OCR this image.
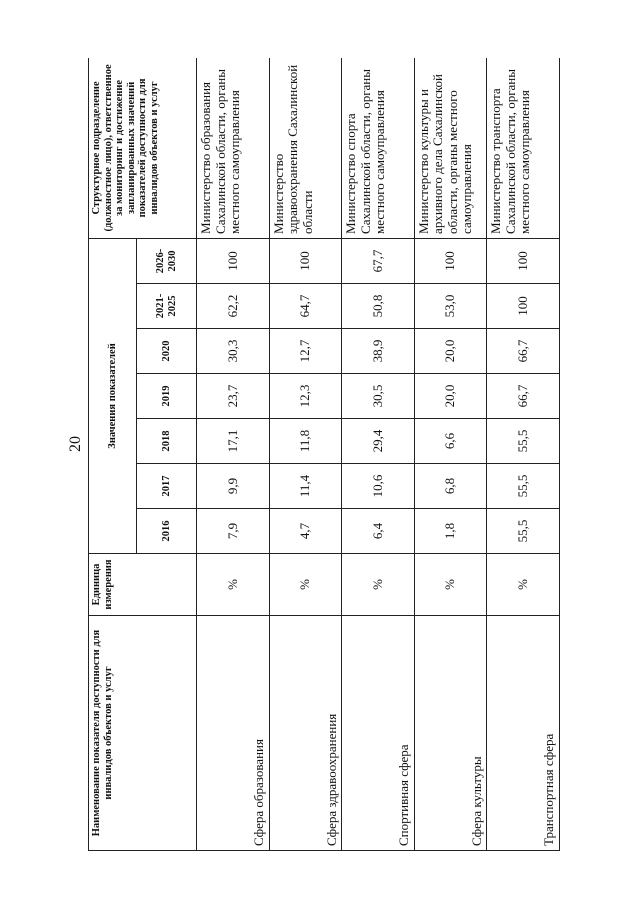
20
Наименование показателя доступности для инвалидов объектов и услуг	Единица измерения	Значения показателей							Структурное подразделение (должностное лицо), ответственное за мониторинг и достижение запланированных значений показателей доступности для инвалидов объектов и услуг
		2016	2017	2018	2019	2020	2021-2025	2026-2030	
Сфера образования	%	7,9	9,9	17,1	23,7	30,3	62,2	100	Министерство образования Сахалинской области, органы местного самоуправления
Сфера здравоохранения	%	4,7	11,4	11,8	12,3	12,7	64,7	100	Министерство здравоохранения Сахалинской области
Спортивная сфера	%	6,4	10,6	29,4	30,5	38,9	50,8	67,7	Министерство спорта Сахалинской области, органы местного самоуправления
Сфера культуры	%	1,8	6,8	6,6	20,0	20,0	53,0	100	Министерство культуры и архивного дела Сахалинской области, органы местного самоуправления
Транспортная сфера	%	55,5	55,5	55,5	66,7	66,7	100	100	Министерство транспорта Сахалинской области, органы местного самоуправления
